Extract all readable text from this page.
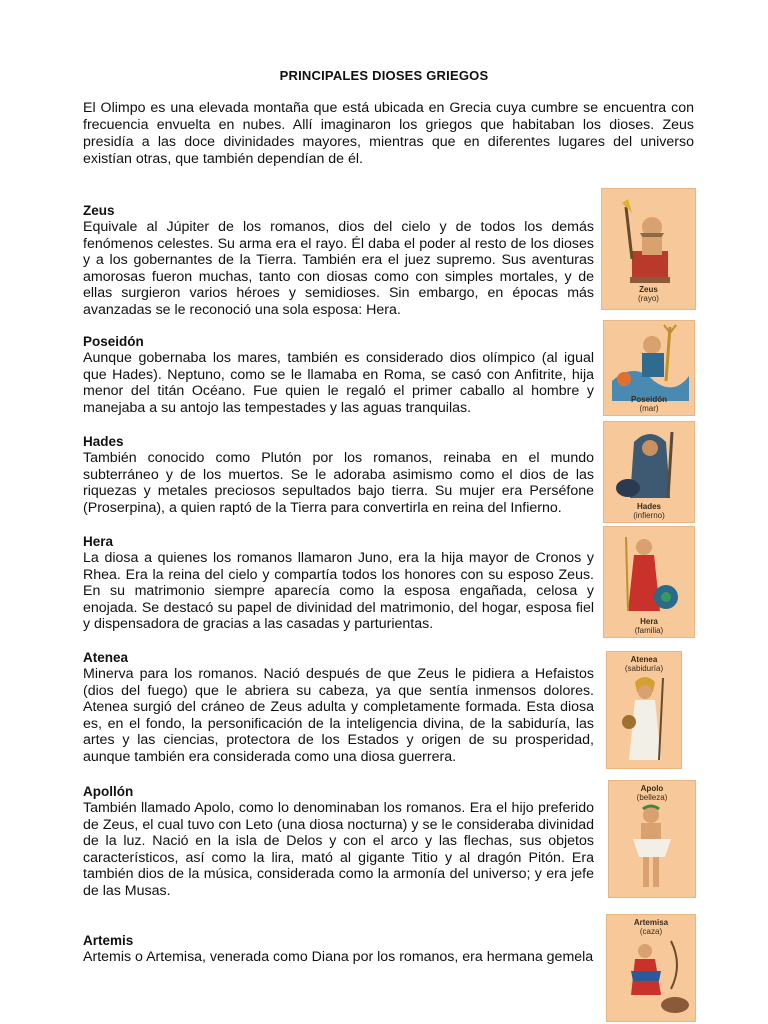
PRINCIPALES DIOSES GRIEGOS
El Olimpo es una elevada montaña que está ubicada en Grecia cuya cumbre se encuentra con frecuencia envuelta en nubes. Allí imaginaron los griegos que habitaban los dioses. Zeus presidía a las doce divinidades mayores, mientras que en diferentes lugares del universo existían otras, que también dependían de él.
Zeus

Equivale al Júpiter de los romanos, dios del cielo y de todos los demás fenómenos celestes. Su arma era el rayo. Él daba el poder al resto de los dioses y a los gobernantes de la Tierra. También era el juez supremo. Sus aventuras amorosas fueron muchas, tanto con diosas como con simples mortales, y de ellas surgieron varios héroes y semidioses. Sin embargo, en épocas más avanzadas se le reconoció una sola esposa: Hera.

Zeus
(rayo)
Poseidón

Aunque gobernaba los mares, también es considerado dios olímpico (al igual que Hades). Neptuno, como se le llamaba en Roma, se casó con Anfitrite, hija menor del titán Océano. Fue quien le regaló el primer caballo al hombre y manejaba a su antojo las tempestades y las aguas tranquilas.

Poseidón
(mar)
Hades

También conocido como Plutón por los romanos, reinaba en el mundo subterráneo y de los muertos. Se le adoraba asimismo como el dios de las riquezas y metales preciosos sepultados bajo tierra. Su mujer era Perséfone (Proserpina), a quien raptó de la Tierra para convertirla en reina del Infierno.	Hades
(infierno)
Hera

La diosa a quienes los romanos llamaron Juno, era la hija mayor de Cronos y Rhea. Era la reina del cielo y compartía todos los honores con su esposo Zeus. En su matrimonio siempre aparecía como la esposa engañada, celosa y enojada. Se destacó su papel de divinidad del matrimonio, del hogar, esposa fiel y dispensadora de gracias a las casadas y parturientas.	Hera
(familia)
Atenea

Minerva para los romanos. Nació después de que Zeus le pidiera a Hefaistos (dios del fuego) que le abriera su cabeza, ya que sentía inmensos dolores. Atenea surgió del cráneo de Zeus adulta y completamente formada. Esta diosa es, en el fondo, la personificación de la inteligencia divina, de la sabiduría, las artes y las ciencias, protectora de los Estados y origen de su prosperidad, aunque también era considerada como una diosa guerrera.

Atenea
(sabiduría)
Apollón

También llamado Apolo, como lo denominaban los romanos. Era el hijo preferido de Zeus, el cual tuvo con Leto (una diosa nocturna) y se le consideraba divinidad de la luz. Nació en la isla de Delos y con el arco y las flechas, sus objetos característicos, así como la lira, mató al gigante Titio y al dragón Pitón. Era también dios de la música, considerada como la armonía del universo; y era jefe de las Musas.

Apolo
(belleza)
Artemis

Artemis o Artemisa, venerada como Diana por los romanos, era hermana gemela

Artemisa
(caza)
